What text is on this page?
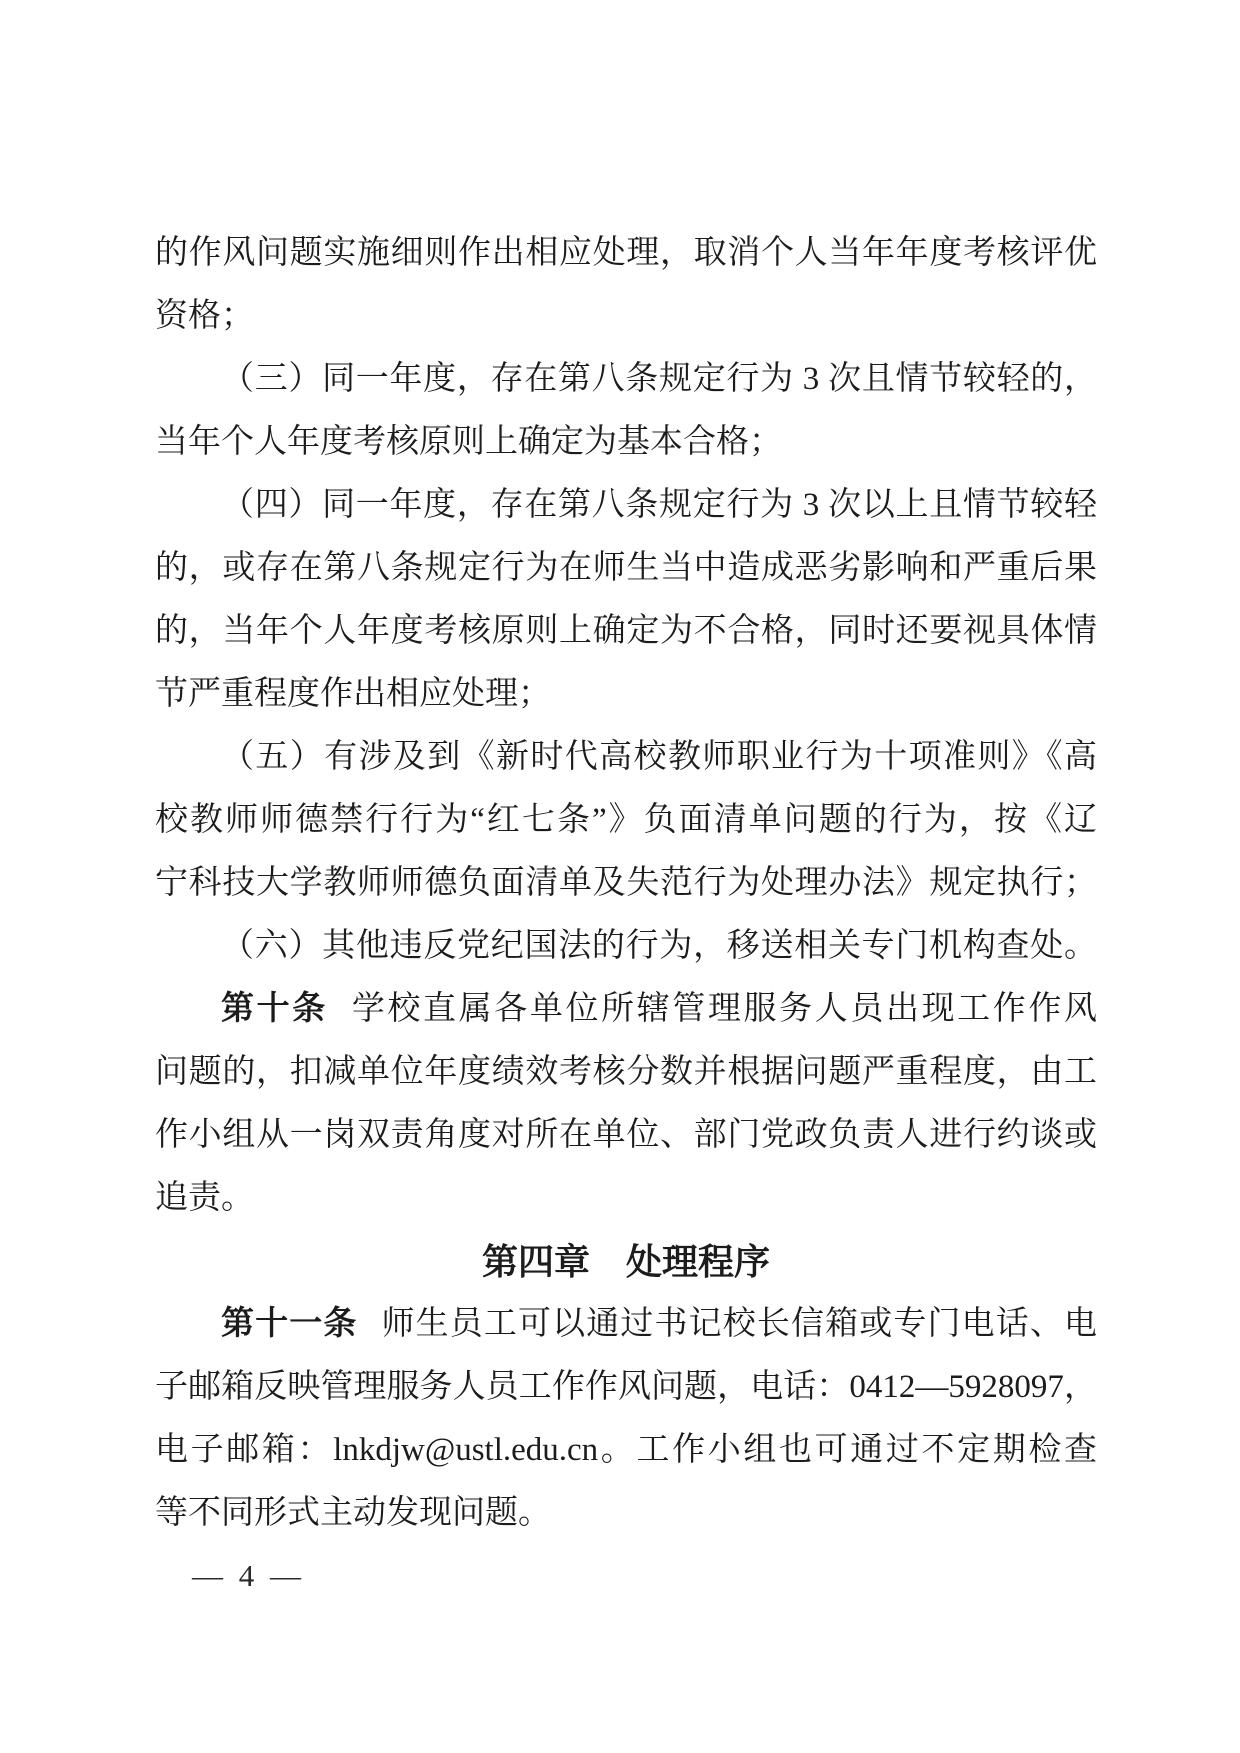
的作风问题实施细则作出相应处理，取消个人当年年度考核评优
资格；
（三）同一年度，存在第八条规定行为 3 次且情节较轻的，
当年个人年度考核原则上确定为基本合格；
（四）同一年度，存在第八条规定行为 3 次以上且情节较轻
的，或存在第八条规定行为在师生当中造成恶劣影响和严重后果
的，当年个人年度考核原则上确定为不合格，同时还要视具体情
节严重程度作出相应处理；
（五）有涉及到《新时代高校教师职业行为十项准则》《高
校教师师德禁行行为“红七条”》负面清单问题的行为，按《辽
宁科技大学教师师德负面清单及失范行为处理办法》规定执行；
（六）其他违反党纪国法的行为，移送相关专门机构查处。
第十条 学校直属各单位所辖管理服务人员出现工作作风
问题的，扣减单位年度绩效考核分数并根据问题严重程度，由工
作小组从一岗双责角度对所在单位、部门党政负责人进行约谈或
追责。
第四章　处理程序
第十一条 师生员工可以通过书记校长信箱或专门电话、电
子邮箱反映管理服务人员工作作风问题，电话：0412—5928097，
电子邮箱：lnkdjw@ustl.edu.cn。工作小组也可通过不定期检查
等不同形式主动发现问题。
— 4 —
